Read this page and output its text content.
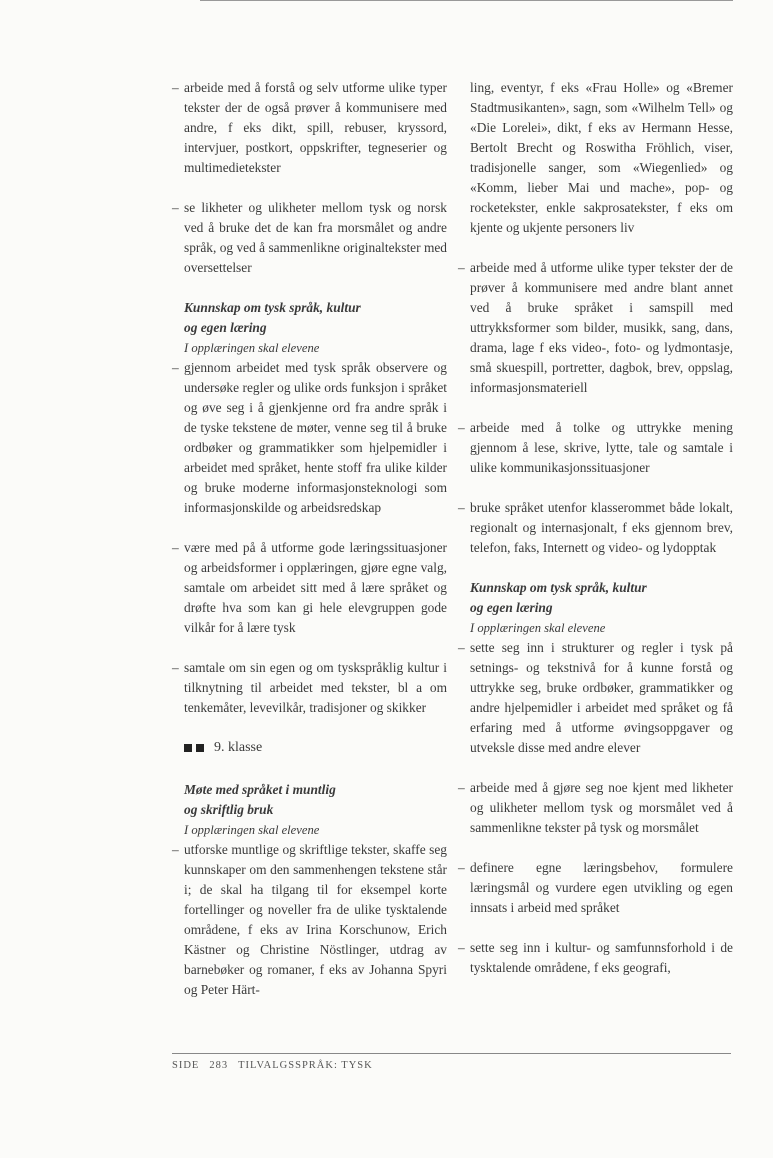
– arbeide med å forstå og selv utforme ulike typer tekster der de også prøver å kommunisere med andre, f eks dikt, spill, rebuser, kryssord, intervjuer, postkort, oppskrifter, tegneserier og multimedietekster

– se likheter og ulikheter mellom tysk og norsk ved å bruke det de kan fra morsmålet og andre språk, og ved å sammenlikne originaltekster med oversettelser

Kunnskap om tysk språk, kultur
og egen læring

I opplæringen skal elevene

– gjennom arbeidet med tysk språk observere og undersøke regler og ulike ords funksjon i språket og øve seg i å gjenkjenne ord fra andre språk i de tyske tekstene de møter, venne seg til å bruke ordbøker og grammatikker som hjelpemidler i arbeidet med språket, hente stoff fra ulike kilder og bruke moderne informasjonsteknologi som informasjonskilde og arbeidsredskap

– være med på å utforme gode læringssituasjoner og arbeidsformer i opplæringen, gjøre egne valg, samtale om arbeidet sitt med å lære språket og drøfte hva som kan gi hele elevgruppen gode vilkår for å lære tysk

– samtale om sin egen og om tyskspråklig kultur i tilknytning til arbeidet med tekster, bl a om tenkemåter, levevilkår, tradisjoner og skikker

9. klasse

Møte med språket i muntlig
og skriftlig bruk

I opplæringen skal elevene

– utforske muntlige og skriftlige tekster, skaffe seg kunnskaper om den sammenhengen tekstene står i; de skal ha tilgang til for eksempel korte fortellinger og noveller fra de ulike tysktalende områdene, f eks av Irina Korschunow, Erich Kästner og Christine Nöstlinger, utdrag av barnebøker og romaner, f eks av Johanna Spyri og Peter Härt-

ling, eventyr, f eks «Frau Holle» og «Bremer Stadtmusikanten», sagn, som «Wilhelm Tell» og «Die Lorelei», dikt, f eks av Hermann Hesse, Bertolt Brecht og Roswitha Fröhlich, viser, tradisjonelle sanger, som «Wiegenlied» og «Komm, lieber Mai und mache», pop- og rocketekster, enkle sakprosatekster, f eks om kjente og ukjente personers liv

– arbeide med å utforme ulike typer tekster der de prøver å kommunisere med andre blant annet ved å bruke språket i samspill med uttrykksformer som bilder, musikk, sang, dans, drama, lage f eks video-, foto- og lydmontasje, små skuespill, portretter, dagbok, brev, oppslag, informasjonsmateriell

– arbeide med å tolke og uttrykke mening gjennom å lese, skrive, lytte, tale og samtale i ulike kommunikasjonssituasjoner

– bruke språket utenfor klasserommet både lokalt, regionalt og internasjonalt, f eks gjennom brev, telefon, faks, Internett og video- og lydopptak

Kunnskap om tysk språk, kultur
og egen læring

I opplæringen skal elevene

– sette seg inn i strukturer og regler i tysk på setnings- og tekstnivå for å kunne forstå og uttrykke seg, bruke ordbøker, grammatikker og andre hjelpemidler i arbeidet med språket og få erfaring med å utforme øvingsoppgaver og utveksle disse med andre elever

– arbeide med å gjøre seg noe kjent med likheter og ulikheter mellom tysk og morsmålet ved å sammenlikne tekster på tysk og morsmålet

– definere egne læringsbehov, formulere læringsmål og vurdere egen utvikling og egen innsats i arbeid med språket

– sette seg inn i kultur- og samfunnsforhold i de tysktalende områdene, f eks geografi,

SIDE 283 TILVALGSSPRÅK: TYSK
